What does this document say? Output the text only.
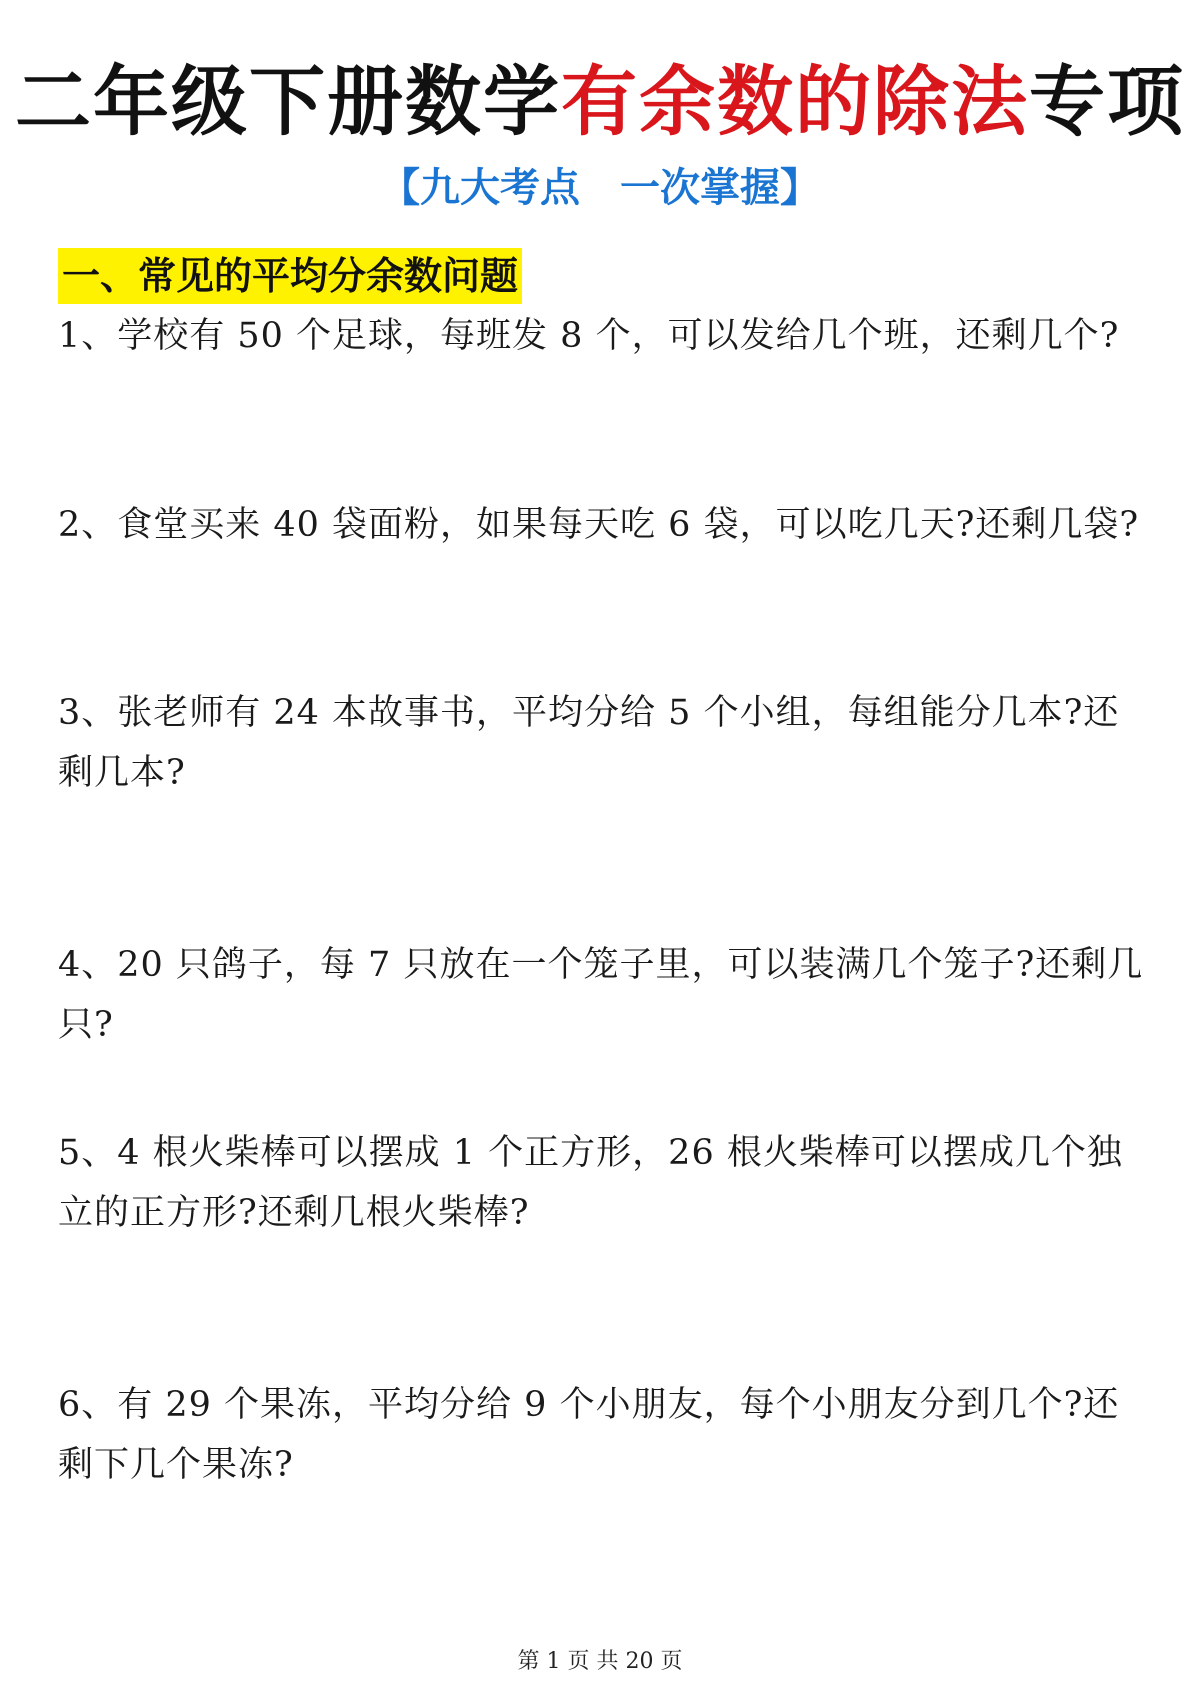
二年级下册数学有余数的除法专项
【九大考点　一次掌握】
一、常见的平均分余数问题
1、学校有 50 个足球，每班发 8 个，可以发给几个班，还剩几个?
2、食堂买来 40 袋面粉，如果每天吃 6 袋，可以吃几天?还剩几袋?
3、张老师有 24 本故事书，平均分给 5 个小组，每组能分几本?还剩几本?
4、20 只鸽子，每 7 只放在一个笼子里，可以装满几个笼子?还剩几只?
5、4 根火柴棒可以摆成 1 个正方形，26 根火柴棒可以摆成几个独立的正方形?还剩几根火柴棒?
6、有 29 个果冻，平均分给 9 个小朋友，每个小朋友分到几个?还剩下几个果冻?
第 1 页 共 20 页
